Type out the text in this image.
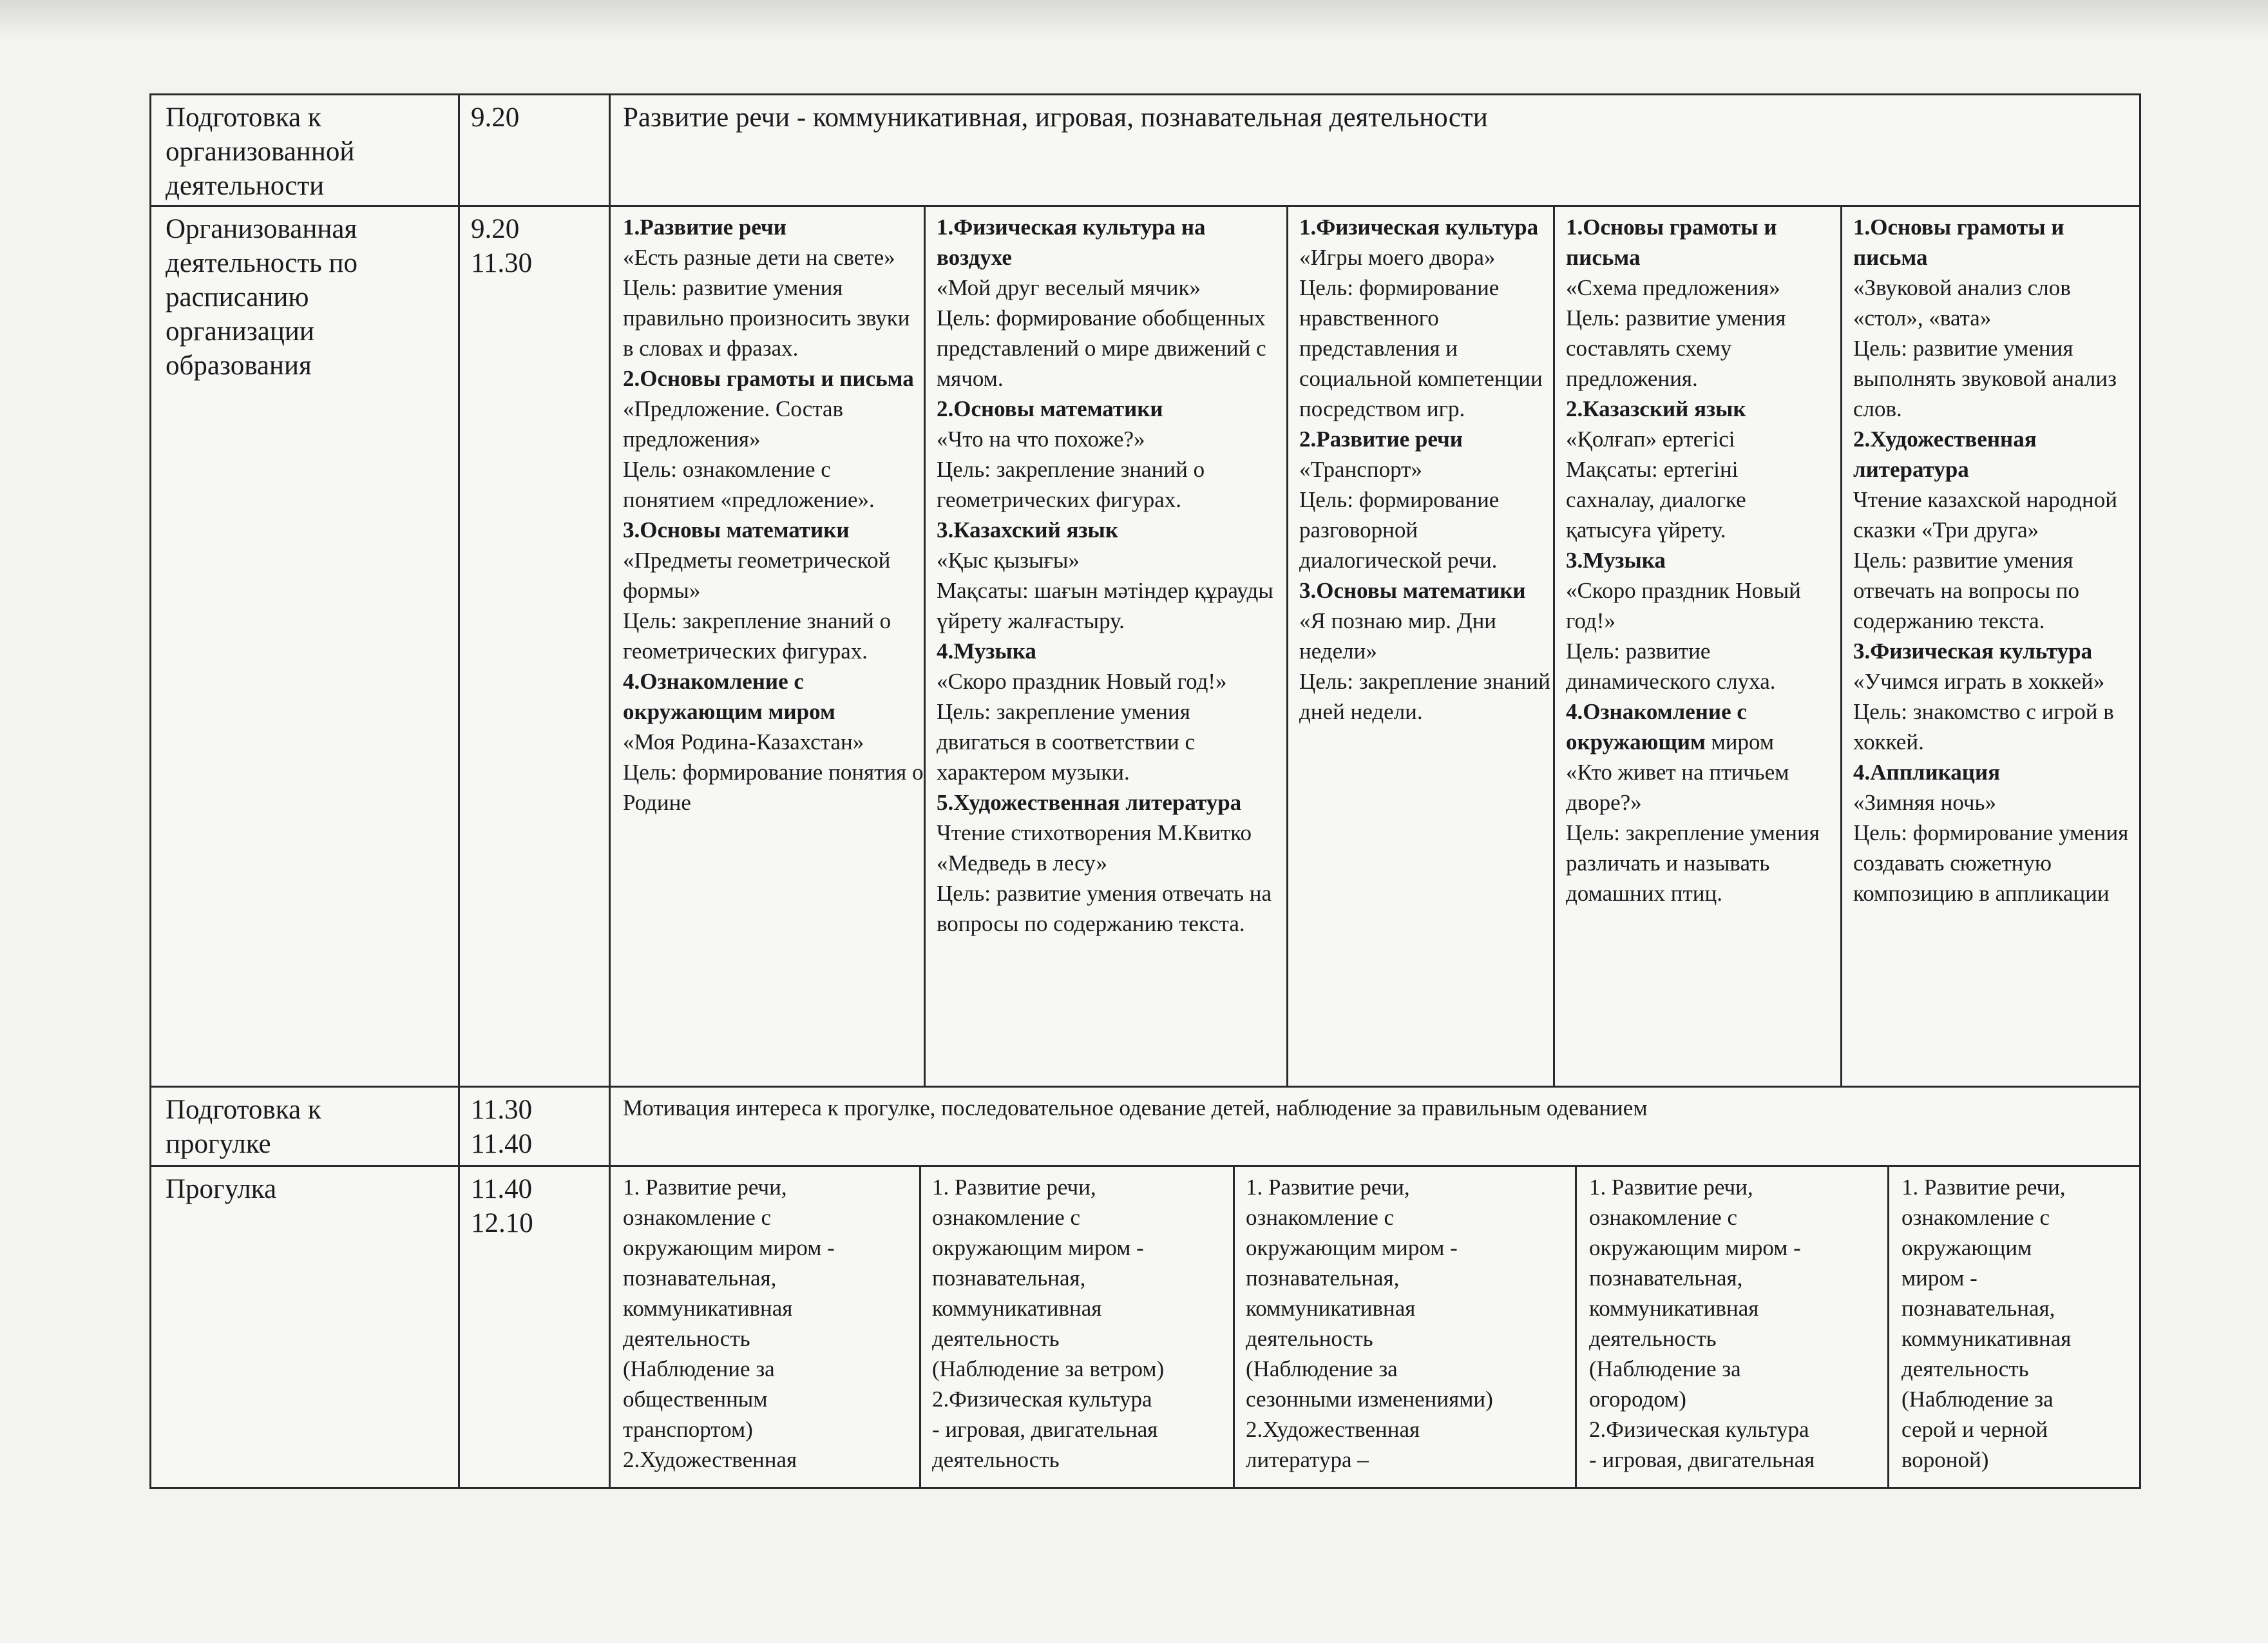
Подготовка к
организованной
деятельности
9.20	Развитие речи - коммуникативная, игровая, познавательная деятельности
Организованная
деятельность по
расписанию
организации
образования
9.20
11.30
1.Развитие речи
«Есть разные дети на свете»
Цель: развитие умения правильно произносить звуки в словах и фразах.
2.Основы грамоты и письма
«Предложение. Состав предложения»
Цель: ознакомление с понятием «предложение».
3.Основы математики
«Предметы геометрической формы»
Цель: закрепление знаний о геометрических фигурах.
4.Ознакомление с окружающим миром
«Моя Родина-Казахстан»
Цель: формирование понятия о Родине
1.Физическая культура на воздухе
«Мой друг веселый мячик»
Цель: формирование обобщенных представлений о мире движений с мячом.
2.Основы математики
«Что на что похоже?»
Цель: закрепление знаний о геометрических фигурах.
3.Казахский язык
«Қыс қызығы»
Мақсаты: шағын мәтіндер құрауды үйрету жалғастыру.
4.Музыка
«Скоро праздник Новый год!»
Цель: закрепление умения двигаться в соответствии с характером музыки.
5.Художественная литература
Чтение стихотворения М.Квитко «Медведь в лесу»
Цель: развитие умения отвечать на вопросы по содержанию текста.
1.Физическая культура
«Игры моего двора»
Цель: формирование нравственного представления и социальной компетенции посредством игр.
2.Развитие речи
«Транспорт»
Цель: формирование разговорной диалогической речи.
3.Основы математики
«Я познаю мир. Дни недели»
Цель: закрепление знаний дней недели.
1.Основы грамоты и письма
«Схема предложения»
Цель: развитие умения составлять схему предложения.
2.Казазский язык
«Қолғап» ертегісі
Мақсаты: ертегіні сахналау, диалогке қатысуға үйрету.
3.Музыка
«Скоро праздник Новый год!»
Цель: развитие динамического слуха.
4.Ознакомление с окружающим миром
«Кто живет на птичьем дворе?»
Цель: закрепление умения различать и называть домашних птиц.
1.Основы грамоты и письма
«Звуковой анализ слов «стол», «вата»
Цель: развитие умения выполнять звуковой анализ слов.
2.Художественная литература
Чтение казахской народной сказки «Три друга»
Цель: развитие умения отвечать на вопросы по содержанию текста.
3.Физическая культура
«Учимся играть в хоккей»
Цель: знакомство с игрой в хоккей.
4.Аппликация
«Зимняя ночь»
Цель: формирование умения создавать сюжетную композицию в аппликации
Подготовка к
прогулке
11.30
11.40
Мотивация интереса к прогулке, последовательное одевание детей, наблюдение за правильным одеванием
Прогулка	11.40
12.10
1. Развитие речи,
ознакомление с
окружающим миром -
познавательная,
коммуникативная
деятельность
(Наблюдение за
общественным
транспортом)
2.Художественная
1. Развитие речи,
ознакомление с
окружающим миром -
познавательная,
коммуникативная
деятельность
(Наблюдение за ветром)
2.Физическая культура
- игровая, двигательная
деятельность
1. Развитие речи,
ознакомление с
окружающим миром -
познавательная,
коммуникативная
деятельность
(Наблюдение за
сезонными изменениями)
2.Художественная
литература –
1. Развитие речи,
ознакомление с
окружающим миром -
познавательная,
коммуникативная
деятельность
(Наблюдение за
огородом)
2.Физическая культура
- игровая, двигательная
1. Развитие речи,
ознакомление с
окружающим
миром -
познавательная,
коммуникативная
деятельность
(Наблюдение за
серой и черной
вороной)
